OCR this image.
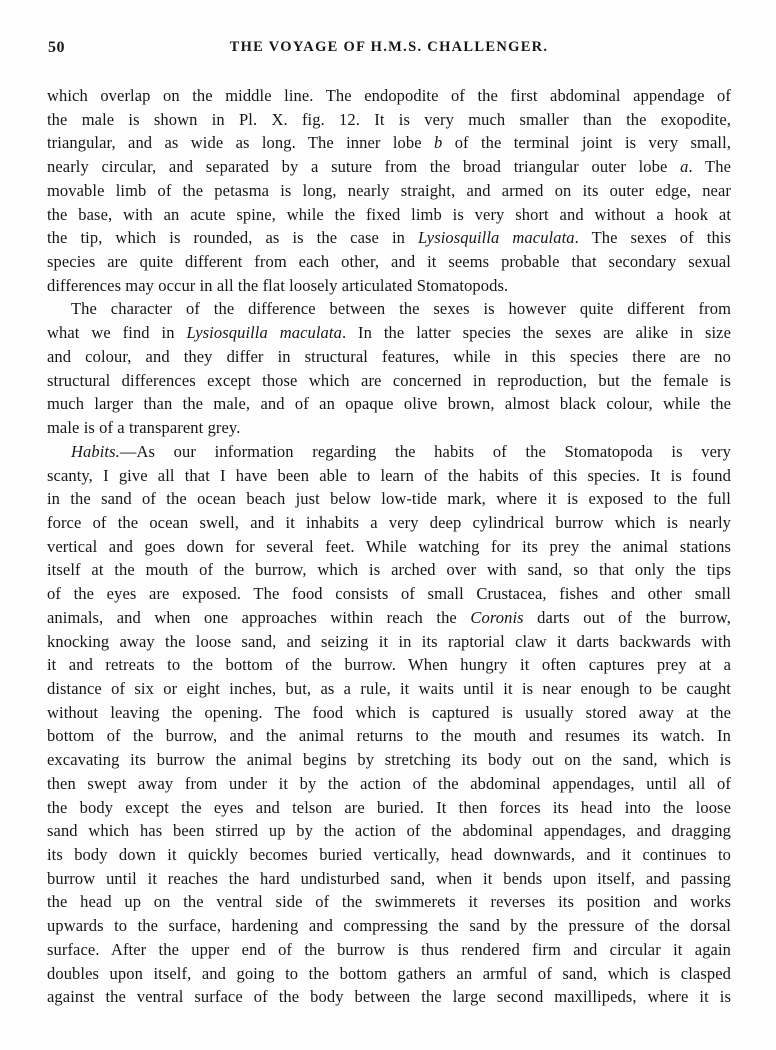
50	THE VOYAGE OF H.M.S. CHALLENGER.
which overlap on the middle line. The endopodite of the first abdominal appendage of
the male is shown in Pl. X. fig. 12. It is very much smaller than the exopodite,
triangular, and as wide as long. The inner lobe b of the terminal joint is very small,
nearly circular, and separated by a suture from the broad triangular outer lobe a. The
movable limb of the petasma is long, nearly straight, and armed on its outer edge, near
the base, with an acute spine, while the fixed limb is very short and without a hook at
the tip, which is rounded, as is the case in Lysiosquilla maculata. The sexes of this
species are quite different from each other, and it seems probable that secondary sexual
differences may occur in all the flat loosely articulated Stomatopods.
The character of the difference between the sexes is however quite different from
what we find in Lysiosquilla maculata. In the latter species the sexes are alike in size
and colour, and they differ in structural features, while in this species there are no
structural differences except those which are concerned in reproduction, but the female is
much larger than the male, and of an opaque olive brown, almost black colour, while the
male is of a transparent grey.
Habits.—As our information regarding the habits of the Stomatopoda is very
scanty, I give all that I have been able to learn of the habits of this species. It is found
in the sand of the ocean beach just below low-tide mark, where it is exposed to the full
force of the ocean swell, and it inhabits a very deep cylindrical burrow which is nearly
vertical and goes down for several feet. While watching for its prey the animal stations
itself at the mouth of the burrow, which is arched over with sand, so that only the tips
of the eyes are exposed. The food consists of small Crustacea, fishes and other small
animals, and when one approaches within reach the Coronis darts out of the burrow,
knocking away the loose sand, and seizing it in its raptorial claw it darts backwards with
it and retreats to the bottom of the burrow. When hungry it often captures prey at a
distance of six or eight inches, but, as a rule, it waits until it is near enough to be caught
without leaving the opening. The food which is captured is usually stored away at the
bottom of the burrow, and the animal returns to the mouth and resumes its watch. In
excavating its burrow the animal begins by stretching its body out on the sand, which is
then swept away from under it by the action of the abdominal appendages, until all of
the body except the eyes and telson are buried. It then forces its head into the loose
sand which has been stirred up by the action of the abdominal appendages, and dragging
its body down it quickly becomes buried vertically, head downwards, and it continues to
burrow until it reaches the hard undisturbed sand, when it bends upon itself, and passing
the head up on the ventral side of the swimmerets it reverses its position and works
upwards to the surface, hardening and compressing the sand by the pressure of the dorsal
surface. After the upper end of the burrow is thus rendered firm and circular it again
doubles upon itself, and going to the bottom gathers an armful of sand, which is clasped
against the ventral surface of the body between the large second maxillipeds, where it is
